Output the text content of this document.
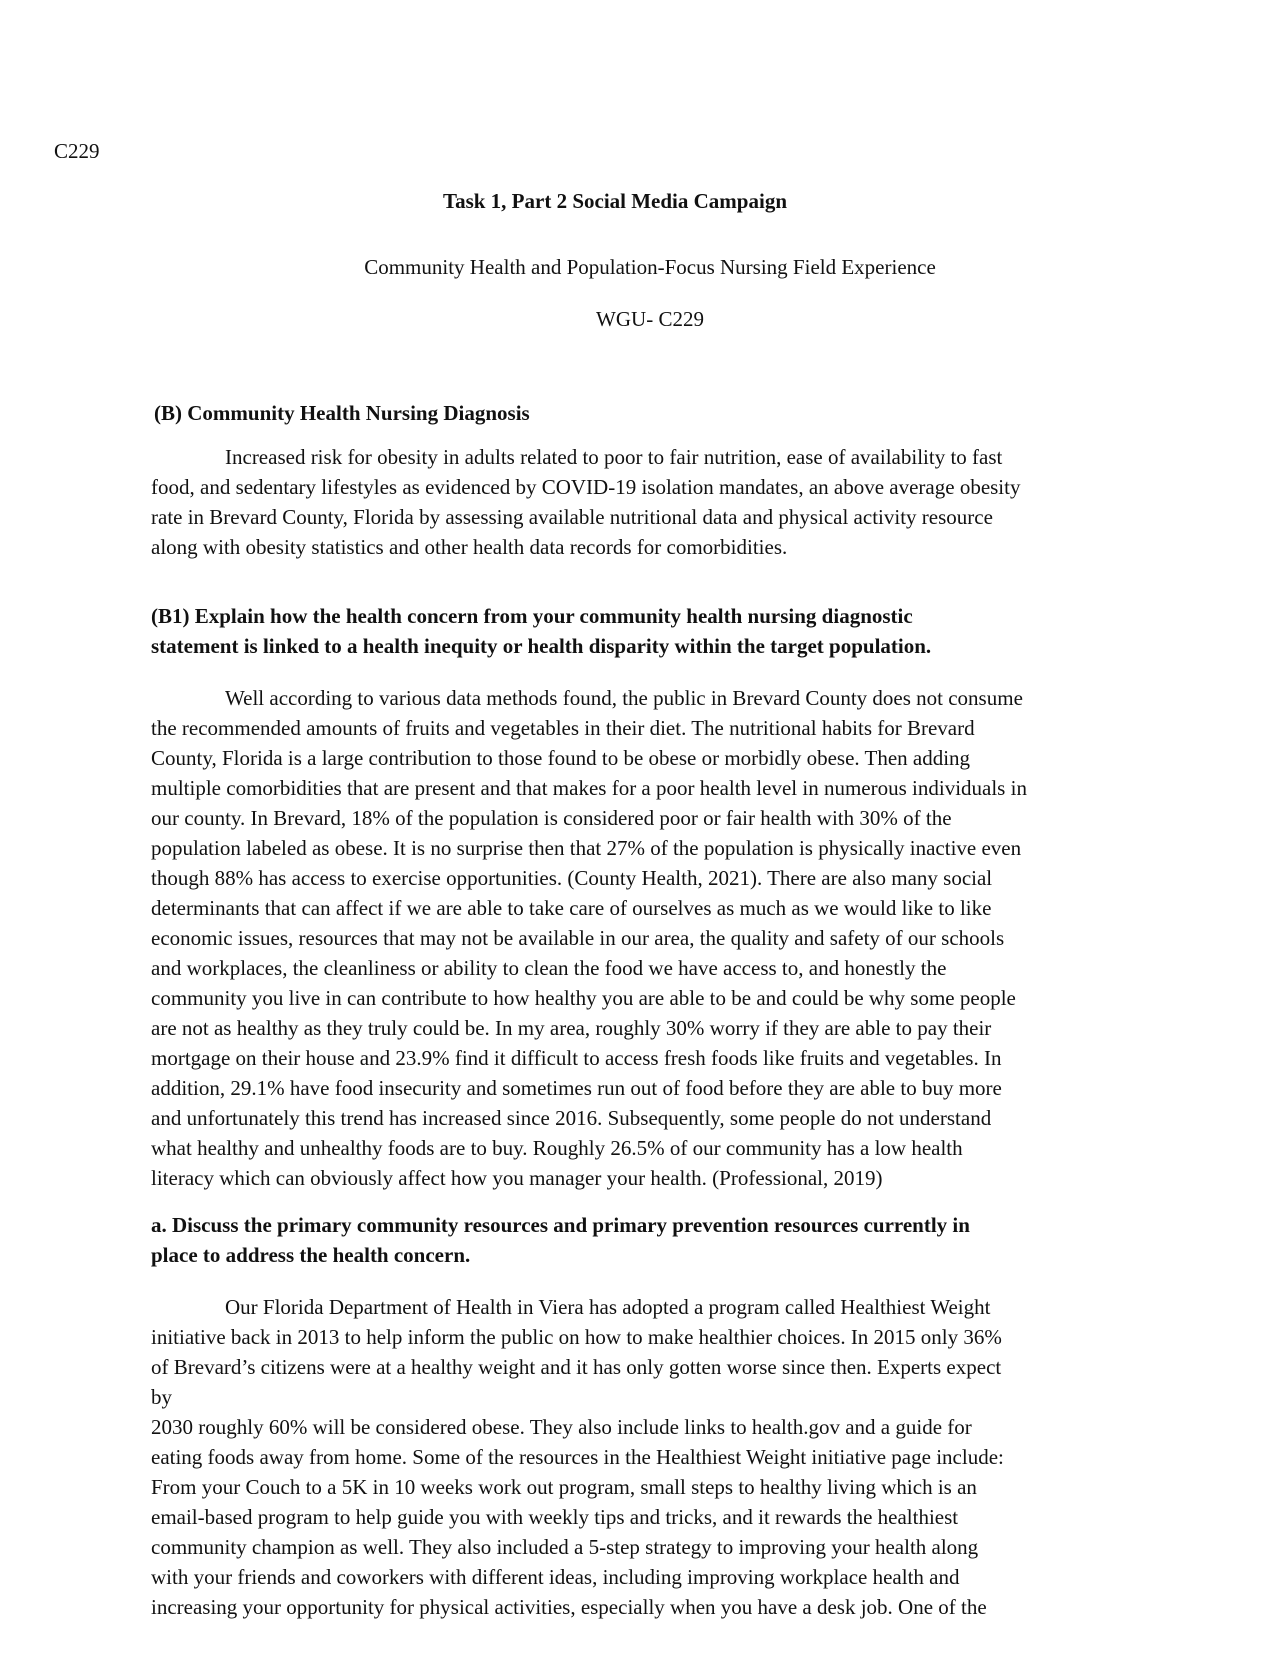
C229
Task 1, Part 2 Social Media Campaign
Community Health and Population-Focus Nursing Field Experience
WGU- C229

(B) Community Health Nursing Diagnosis

Increased risk for obesity in adults related to poor to fair nutrition, ease of availability to fast
food, and sedentary lifestyles as evidenced by COVID-19 isolation mandates, an above average obesity
rate in Brevard County, Florida by assessing available nutritional data and physical activity resource
along with obesity statistics and other health data records for comorbidities.
(B1) Explain how the health concern from your community health nursing diagnostic
statement is linked to a health inequity or health disparity within the target population.
Well according to various data methods found, the public in Brevard County does not consume
the recommended amounts of fruits and vegetables in their diet. The nutritional habits for Brevard
County, Florida is a large contribution to those found to be obese or morbidly obese. Then adding
multiple comorbidities that are present and that makes for a poor health level in numerous individuals in
our county. In Brevard, 18% of the population is considered poor or fair health with 30% of the
population labeled as obese. It is no surprise then that 27% of the population is physically inactive even
though 88% has access to exercise opportunities. (County Health, 2021). There are also many social
determinants that can affect if we are able to take care of ourselves as much as we would like to like
economic issues, resources that may not be available in our area, the quality and safety of our schools
and workplaces, the cleanliness or ability to clean the food we have access to, and honestly the
community you live in can contribute to how healthy you are able to be and could be why some people
are not as healthy as they truly could be. In my area, roughly 30% worry if they are able to pay their
mortgage on their house and 23.9% find it difficult to access fresh foods like fruits and vegetables. In
addition, 29.1% have food insecurity and sometimes run out of food before they are able to buy more
and unfortunately this trend has increased since 2016. Subsequently, some people do not understand
what healthy and unhealthy foods are to buy. Roughly 26.5% of our community has a low health
literacy which can obviously affect how you manager your health. (Professional, 2019)
a. Discuss the primary community resources and primary prevention resources currently in
place to address the health concern.
Our Florida Department of Health in Viera has adopted a program called Healthiest Weight
initiative back in 2013 to help inform the public on how to make healthier choices. In 2015 only 36%
of Brevard’s citizens were at a healthy weight and it has only gotten worse since then. Experts expect
by
2030 roughly 60% will be considered obese. They also include links to health.gov and a guide for
eating foods away from home. Some of the resources in the Healthiest Weight initiative page include:
From your Couch to a 5K in 10 weeks work out program, small steps to healthy living which is an
email-based program to help guide you with weekly tips and tricks, and it rewards the healthiest
community champion as well. They also included a 5-step strategy to improving your health along
with your friends and coworkers with different ideas, including improving workplace health and
increasing your opportunity for physical activities, especially when you have a desk job. One of the
